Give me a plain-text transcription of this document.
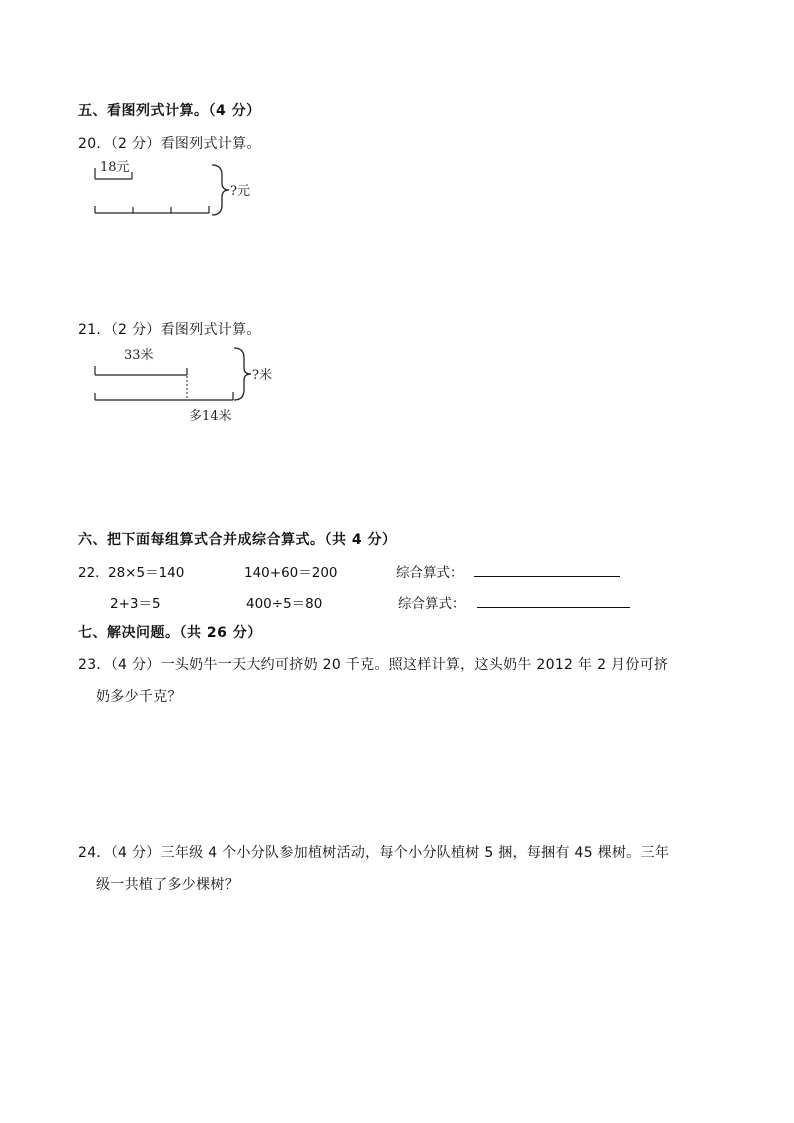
五、看图列式计算。（4 分）
20．（2 分）看图列式计算。
18元
?元
21．（2 分）看图列式计算。
33米
多14米
?米
六、把下面每组算式合并成综合算式。（共 4 分）
22． 28×5＝140	140+60＝200	综合算式：
2+3＝5	400÷5＝80	综合算式：
七、解决问题。（共 26 分）
23．（4 分）一头奶牛一天大约可挤奶 20 千克。照这样计算，这头奶牛 2012 年 2 月份可挤
奶多少千克？
24．（4 分）三年级 4 个小分队参加植树活动，每个小分队植树 5 捆，每捆有 45 棵树。三年
级一共植了多少棵树？
